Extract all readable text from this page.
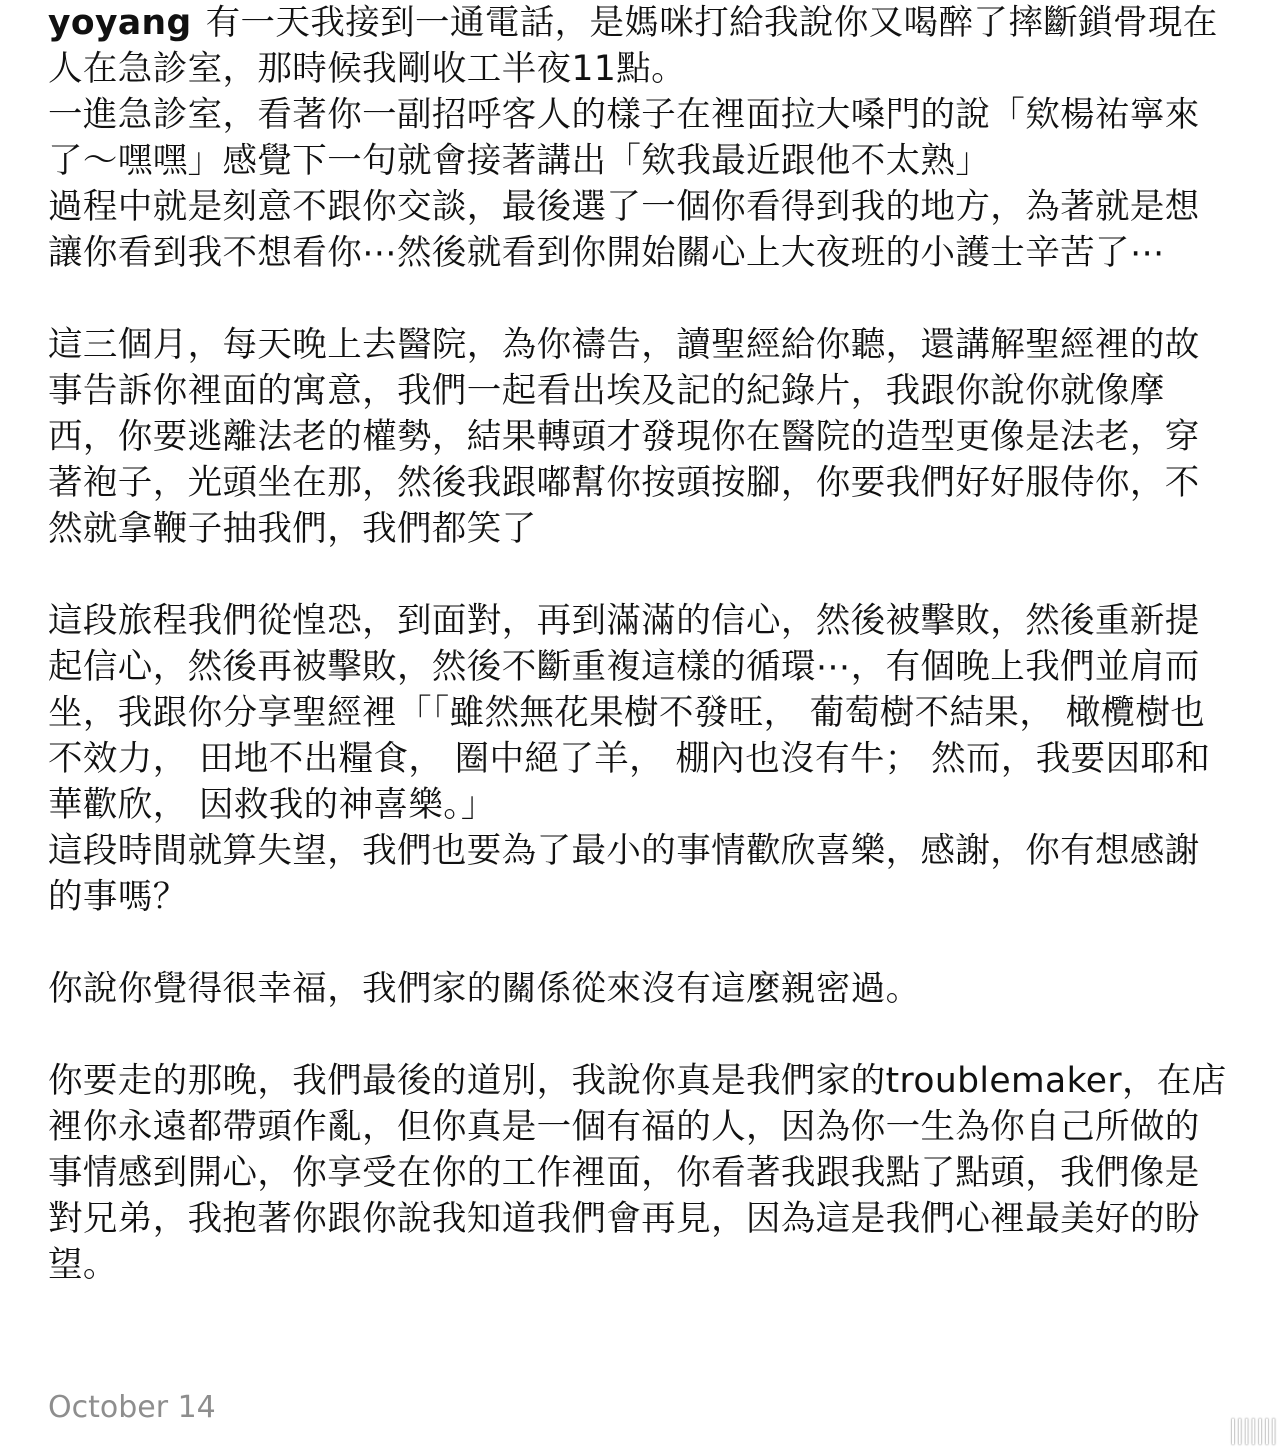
yoyang 有一天我接到一通電話，是媽咪打給我說你又喝醉了摔斷鎖骨現在人在急診室，那時候我剛收工半夜11點。

一進急診室，看著你一副招呼客人的樣子在裡面拉大嗓門的說「欸楊祐寧來了～嘿嘿」感覺下一句就會接著講出「欸我最近跟他不太熟」

過程中就是刻意不跟你交談，最後選了一個你看得到我的地方，為著就是想讓你看到我不想看你⋯然後就看到你開始關心上大夜班的小護士辛苦了⋯

這三個月，每天晚上去醫院，為你禱告，讀聖經給你聽，還講解聖經裡的故事告訴你裡面的寓意，我們一起看出埃及記的紀錄片，我跟你說你就像摩西，你要逃離法老的權勢，結果轉頭才發現你在醫院的造型更像是法老，穿著袍子，光頭坐在那，然後我跟嘟幫你按頭按腳，你要我們好好服侍你，不然就拿鞭子抽我們，我們都笑了

這段旅程我們從惶恐，到面對，再到滿滿的信心，然後被擊敗，然後重新提起信心，然後再被擊敗，然後不斷重複這樣的循環⋯，有個晚上我們並肩而坐，我跟你分享聖經裡「「雖然無花果樹不發旺， 葡萄樹不結果， 橄欖樹也不效力， 田地不出糧食， 圈中絕了羊， 棚內也沒有牛； 然而，我要因耶和華歡欣， 因救我的神喜樂。」

這段時間就算失望，我們也要為了最小的事情歡欣喜樂，感謝，你有想感謝的事嗎？

你說你覺得很幸福，我們家的關係從來沒有這麼親密過。

你要走的那晚，我們最後的道別，我說你真是我們家的troublemaker，在店裡你永遠都帶頭作亂，但你真是一個有福的人，因為你一生為你自己所做的事情感到開心，你享受在你的工作裡面，你看著我跟我點了點頭，我們像是對兄弟，我抱著你跟你說我知道我們會再見，因為這是我們心裡最美好的盼望。

October 14
|||||||
